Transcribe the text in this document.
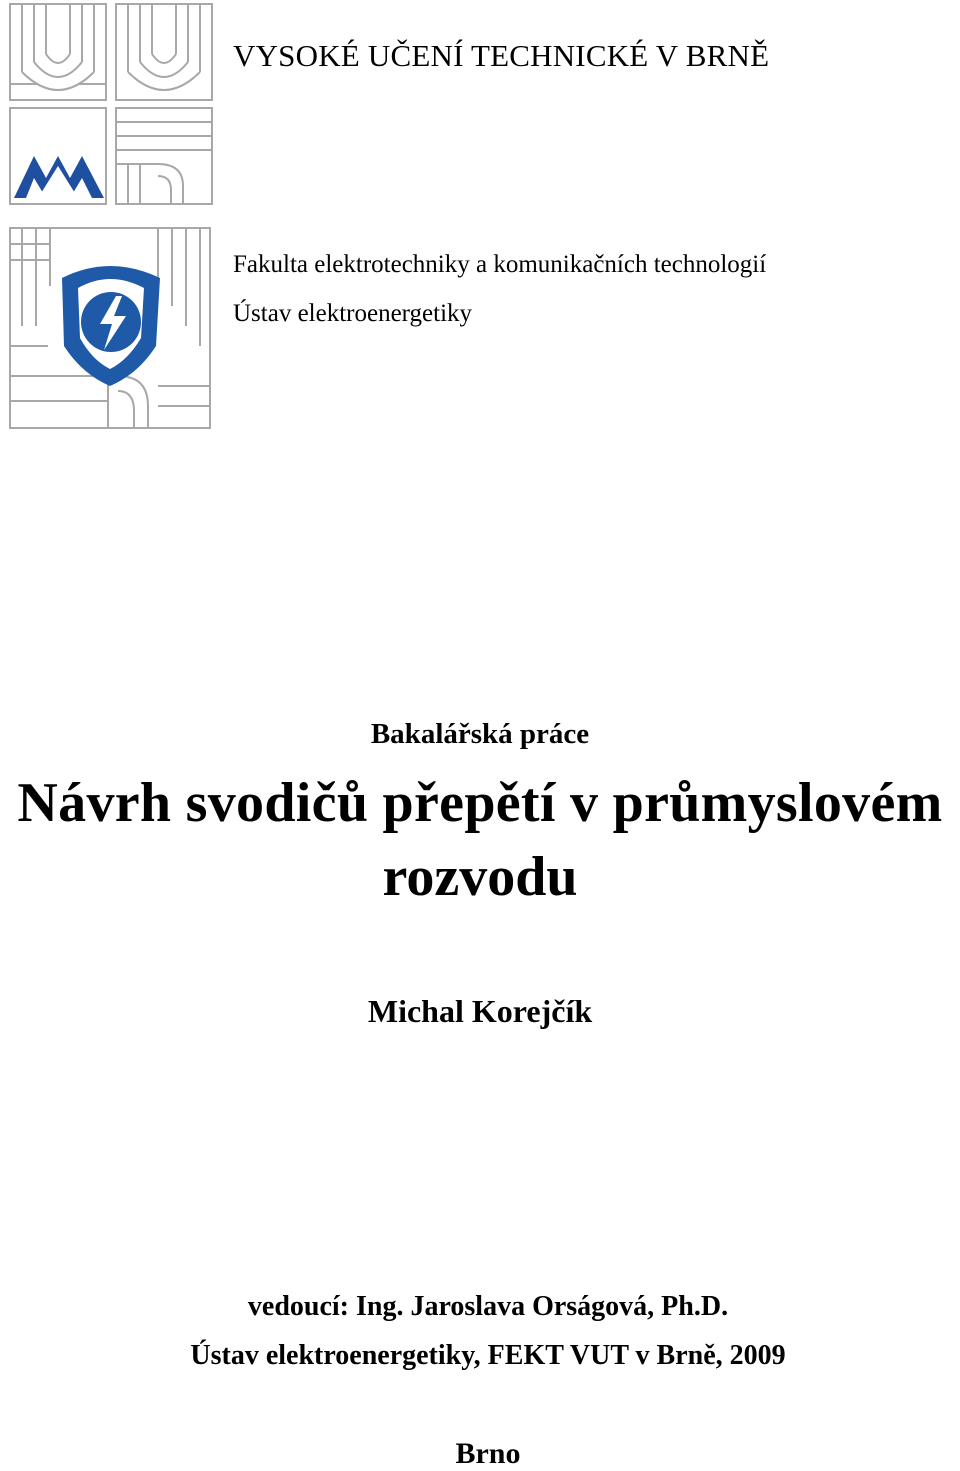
VYSOKÉ UČENÍ TECHNICKÉ V BRNĚ
Fakulta elektrotechniky a komunikačních technologií
Ústav elektroenergetiky
Bakalářská práce
Návrh svodičů přepětí v průmyslovém
rozvodu
Michal Korejčík
vedoucí: Ing. Jaroslava Orságová, Ph.D.
Ústav elektroenergetiky, FEKT VUT v Brně, 2009
Brno
